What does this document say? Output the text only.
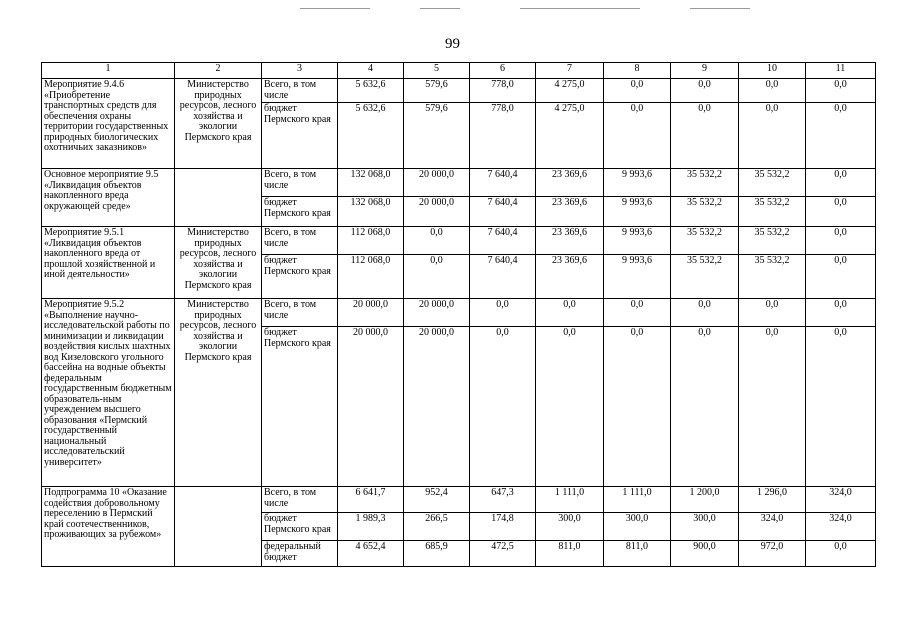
99
1	2	3	4	5	6	7	8	9	10	11
Мероприятие 9.4.6 «Приобретение транспортных средств для обеспечения охраны территории государственных природных биологических охотничьих заказников»	Министерство природных ресурсов, лесного хозяйства и экологии Пермского края	Всего, в том числе	5 632,6	579,6	778,0	4 275,0	0,0	0,0	0,0	0,0
		бюджет Пермского края	5 632,6	579,6	778,0	4 275,0	0,0	0,0	0,0	0,0
Основное мероприятие 9.5 «Ликвидация объектов накопленного вреда окружающей среде»		Всего, в том числе	132 068,0	20 000,0	7 640,4	23 369,6	9 993,6	35 532,2	35 532,2	0,0
		бюджет Пермского края	132 068,0	20 000,0	7 640,4	23 369,6	9 993,6	35 532,2	35 532,2	0,0
Мероприятие 9.5.1 «Ликвидация объектов накопленного вреда от прошлой хозяйственной и иной деятельности»	Министерство природных ресурсов, лесного хозяйства и экологии Пермского края	Всего, в том числе	112 068,0	0,0	7 640,4	23 369,6	9 993,6	35 532,2	35 532,2	0,0
		бюджет Пермского края	112 068,0	0,0	7 640,4	23 369,6	9 993,6	35 532,2	35 532,2	0,0
Мероприятие 9.5.2 «Выполнение научно-исследовательской работы по минимизации и ликвидации воздействия кислых шахтных вод Кизеловского угольного бассейна на водные объекты федеральным государственным бюджетным образователь-ным учреждением высшего образования «Пермский государственный национальный исследовательский университет»	Министерство природных ресурсов, лесного хозяйства и экологии Пермского края	Всего, в том числе	20 000,0	20 000,0	0,0	0,0	0,0	0,0	0,0	0,0
		бюджет Пермского края	20 000,0	20 000,0	0,0	0,0	0,0	0,0	0,0	0,0
Подпрограмма 10 «Оказание содействия добровольному переселению в Пермский край соотечественников, проживающих за рубежом»		Всего, в том числе	6 641,7	952,4	647,3	1 111,0	1 111,0	1 200,0	1 296,0	324,0
		бюджет Пермского края	1 989,3	266,5	174,8	300,0	300,0	300,0	324,0	324,0
		федеральный бюджет	4 652,4	685,9	472,5	811,0	811,0	900,0	972,0	0,0
